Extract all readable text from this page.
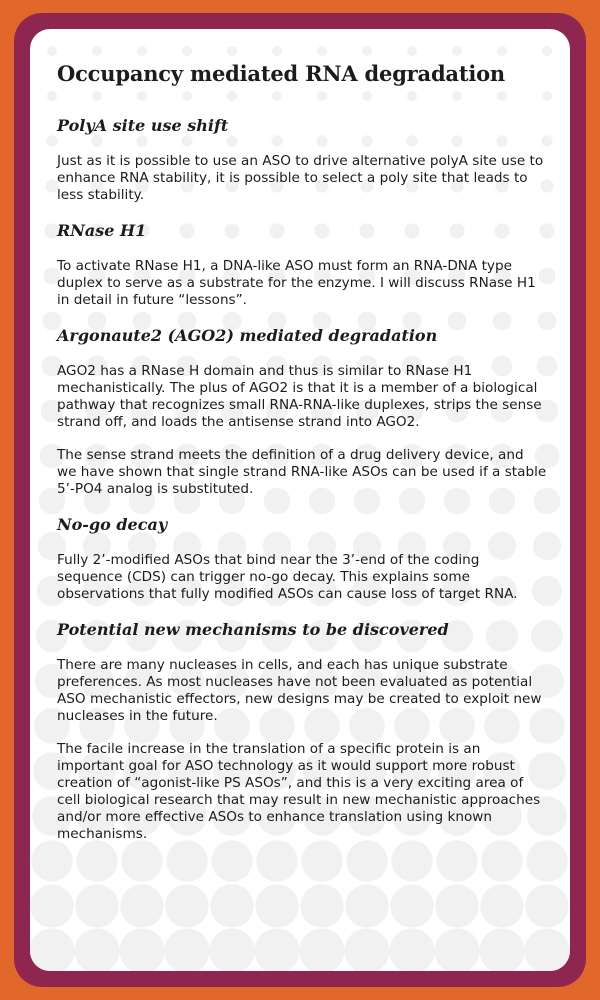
Occupancy mediated RNA degradation
PolyA site use shift

Just as it is possible to use an ASO to drive alternative polyA site use to enhance RNA stability, it is possible to select a poly site that leads to less stability.

RNase H1

To activate RNase H1, a DNA-like ASO must form an RNA-DNA type duplex to serve as a substrate for the enzyme. I will discuss RNase H1 in detail in future “lessons”.

Argonaute2 (AGO2) mediated degradation

AGO2 has a RNase H domain and thus is similar to RNase H1 mechanistically. The plus of AGO2 is that it is a member of a biological pathway that recognizes small RNA-RNA-like duplexes, strips the sense strand off, and loads the antisense strand into AGO2.

The sense strand meets the definition of a drug delivery device, and we have shown that single strand RNA-like ASOs can be used if a stable 5’-PO4 analog is substituted.

No-go decay

Fully 2’-modified ASOs that bind near the 3’-end of the coding sequence (CDS) can trigger no-go decay. This explains some observations that fully modified ASOs can cause loss of target RNA.

Potential new mechanisms to be discovered

There are many nucleases in cells, and each has unique substrate preferences. As most nucleases have not been evaluated as potential ASO mechanistic effectors, new designs may be created to exploit new nucleases in the future.

The facile increase in the translation of a specific protein is an important goal for ASO technology as it would support more robust creation of “agonist-like PS ASOs”, and this is a very exciting area of cell biological research that may result in new mechanistic approaches and/or more effective ASOs to enhance translation using known mechanisms.
